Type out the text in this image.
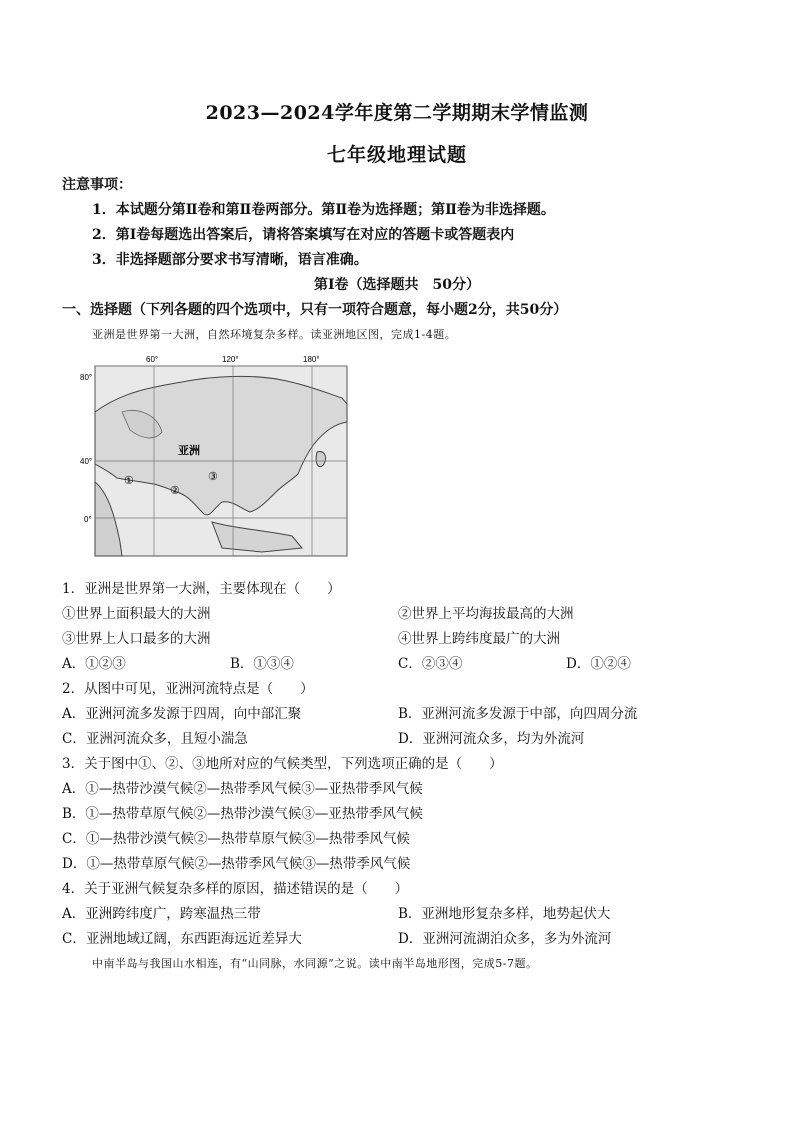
2023—2024学年度第二学期期末学情监测
七年级地理试题
注意事项：
1．本试题分第Ⅱ卷和第Ⅱ卷两部分。第Ⅱ卷为选择题；第Ⅱ卷为非选择题。
2．第Ⅰ卷每题选出答案后，请将答案填写在对应的答题卡或答题表内
3．非选择题部分要求书写清晰，语言准确。
第Ⅰ卷（选择题共　50分）
一、选择题（下列各题的四个选项中，只有一项符合题意，每小题2分，共50分）
亚洲是世界第一大洲，自然环境复杂多样。读亚洲地区图，完成1-4题。
60°	120°	180°
80°
40°
0°
亚洲
①
②
③
1．亚洲是世界第一大洲，主要体现在（　　）
①世界上面积最大的大洲	②世界上平均海拔最高的大洲
③世界上人口最多的大洲	④世界上跨纬度最广的大洲
A．①②③	B．①③④	C．②③④	D．①②④
2．从图中可见，亚洲河流特点是（　　）
A．亚洲河流多发源于四周，向中部汇聚	B．亚洲河流多发源于中部，向四周分流
C．亚洲河流众多，且短小湍急	D．亚洲河流众多，均为外流河
3．关于图中①、②、③地所对应的气候类型，下列选项正确的是（　　）
A．①—热带沙漠气候②—热带季风气候③—亚热带季风气候
B．①—热带草原气候②—热带沙漠气候③—亚热带季风气候
C．①—热带沙漠气候②—热带草原气候③—热带季风气候
D．①—热带草原气候②—热带季风气候③—热带季风气候
4．关于亚洲气候复杂多样的原因，描述错误的是（　　）
A．亚洲跨纬度广，跨寒温热三带	B．亚洲地形复杂多样，地势起伏大
C．亚洲地域辽阔，东西距海远近差异大	D．亚洲河流湖泊众多，多为外流河
中南半岛与我国山水相连，有“山同脉，水同源”之说。读中南半岛地形图，完成5-7题。
